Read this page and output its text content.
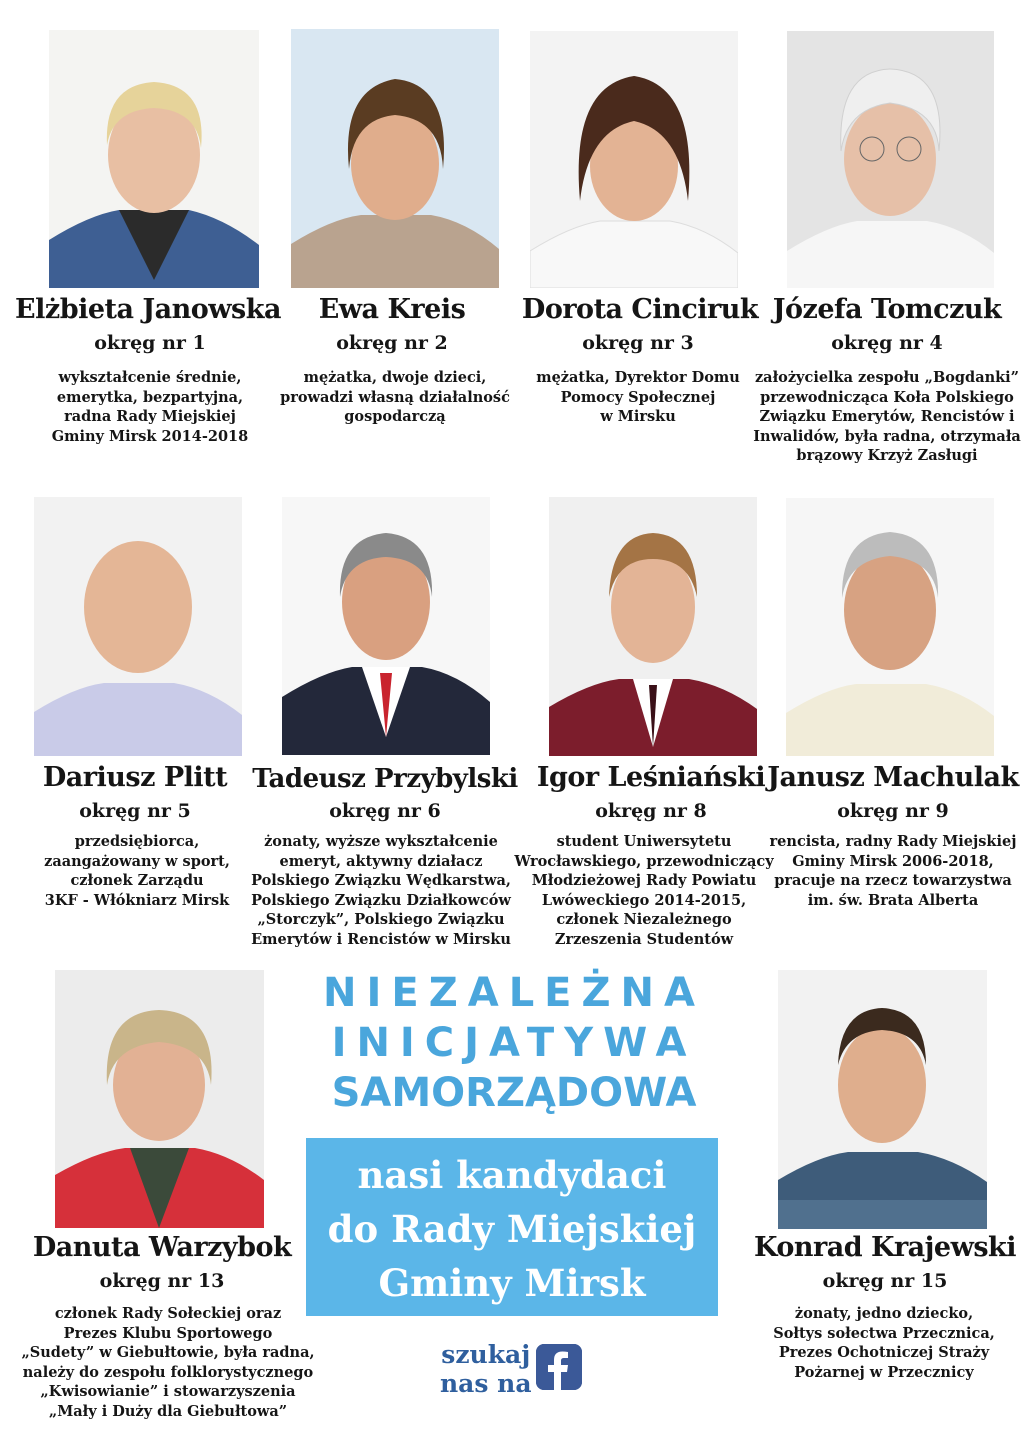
Elżbieta Janowska
okręg nr 1
wykształcenie średnie,
emerytka, bezpartyjna,
radna Rady Miejskiej
Gminy Mirsk 2014-2018
Ewa Kreis
okręg nr 2
mężatka, dwoje dzieci,
prowadzi własną działalność
gospodarczą
Dorota Cinciruk
okręg nr 3
mężatka, Dyrektor Domu
Pomocy Społecznej
w Mirsku
Józefa Tomczuk
okręg nr 4
założycielka zespołu „Bogdanki”
przewodnicząca Koła Polskiego
Związku Emerytów, Rencistów i
Inwalidów, była radna, otrzymała
brązowy Krzyż Zasługi
Dariusz Plitt
okręg nr 5
przedsiębiorca,
zaangażowany w sport,
członek Zarządu
3KF - Włókniarz Mirsk
Tadeusz Przybylski
okręg nr 6
żonaty, wyższe wykształcenie
emeryt, aktywny działacz
Polskiego Związku Wędkarstwa,
Polskiego Związku Działkowców
„Storczyk”, Polskiego Związku
Emerytów i Rencistów w Mirsku
Igor Leśniański
okręg nr 8
student Uniwersytetu
Wrocławskiego, przewodniczący
Młodzieżowej Rady Powiatu
Lwóweckiego 2014-2015,
członek Niezależnego
Zrzeszenia Studentów
Janusz Machulak
okręg nr 9
rencista, radny Rady Miejskiej
Gminy Mirsk 2006-2018,
pracuje na rzecz towarzystwa
im. św. Brata Alberta
Danuta Warzybok
okręg nr 13
członek Rady Sołeckiej oraz
Prezes Klubu Sportowego
„Sudety” w Giebułtowie, była radna,
należy do zespołu folklorystycznego
„Kwisowianie” i stowarzyszenia
„Mały i Duży dla Giebułtowa”
Konrad Krajewski
okręg nr 15
żonaty, jedno dziecko,
Sołtys sołectwa Przecznica,
Prezes Ochotniczej Straży
Pożarnej w Przecznicy
NIEZALEŻNA
INICJATYWA
SAMORZĄDOWA
nasi kandydaci
do Rady Miejskiej
Gminy Mirsk
szukaj
nas na
